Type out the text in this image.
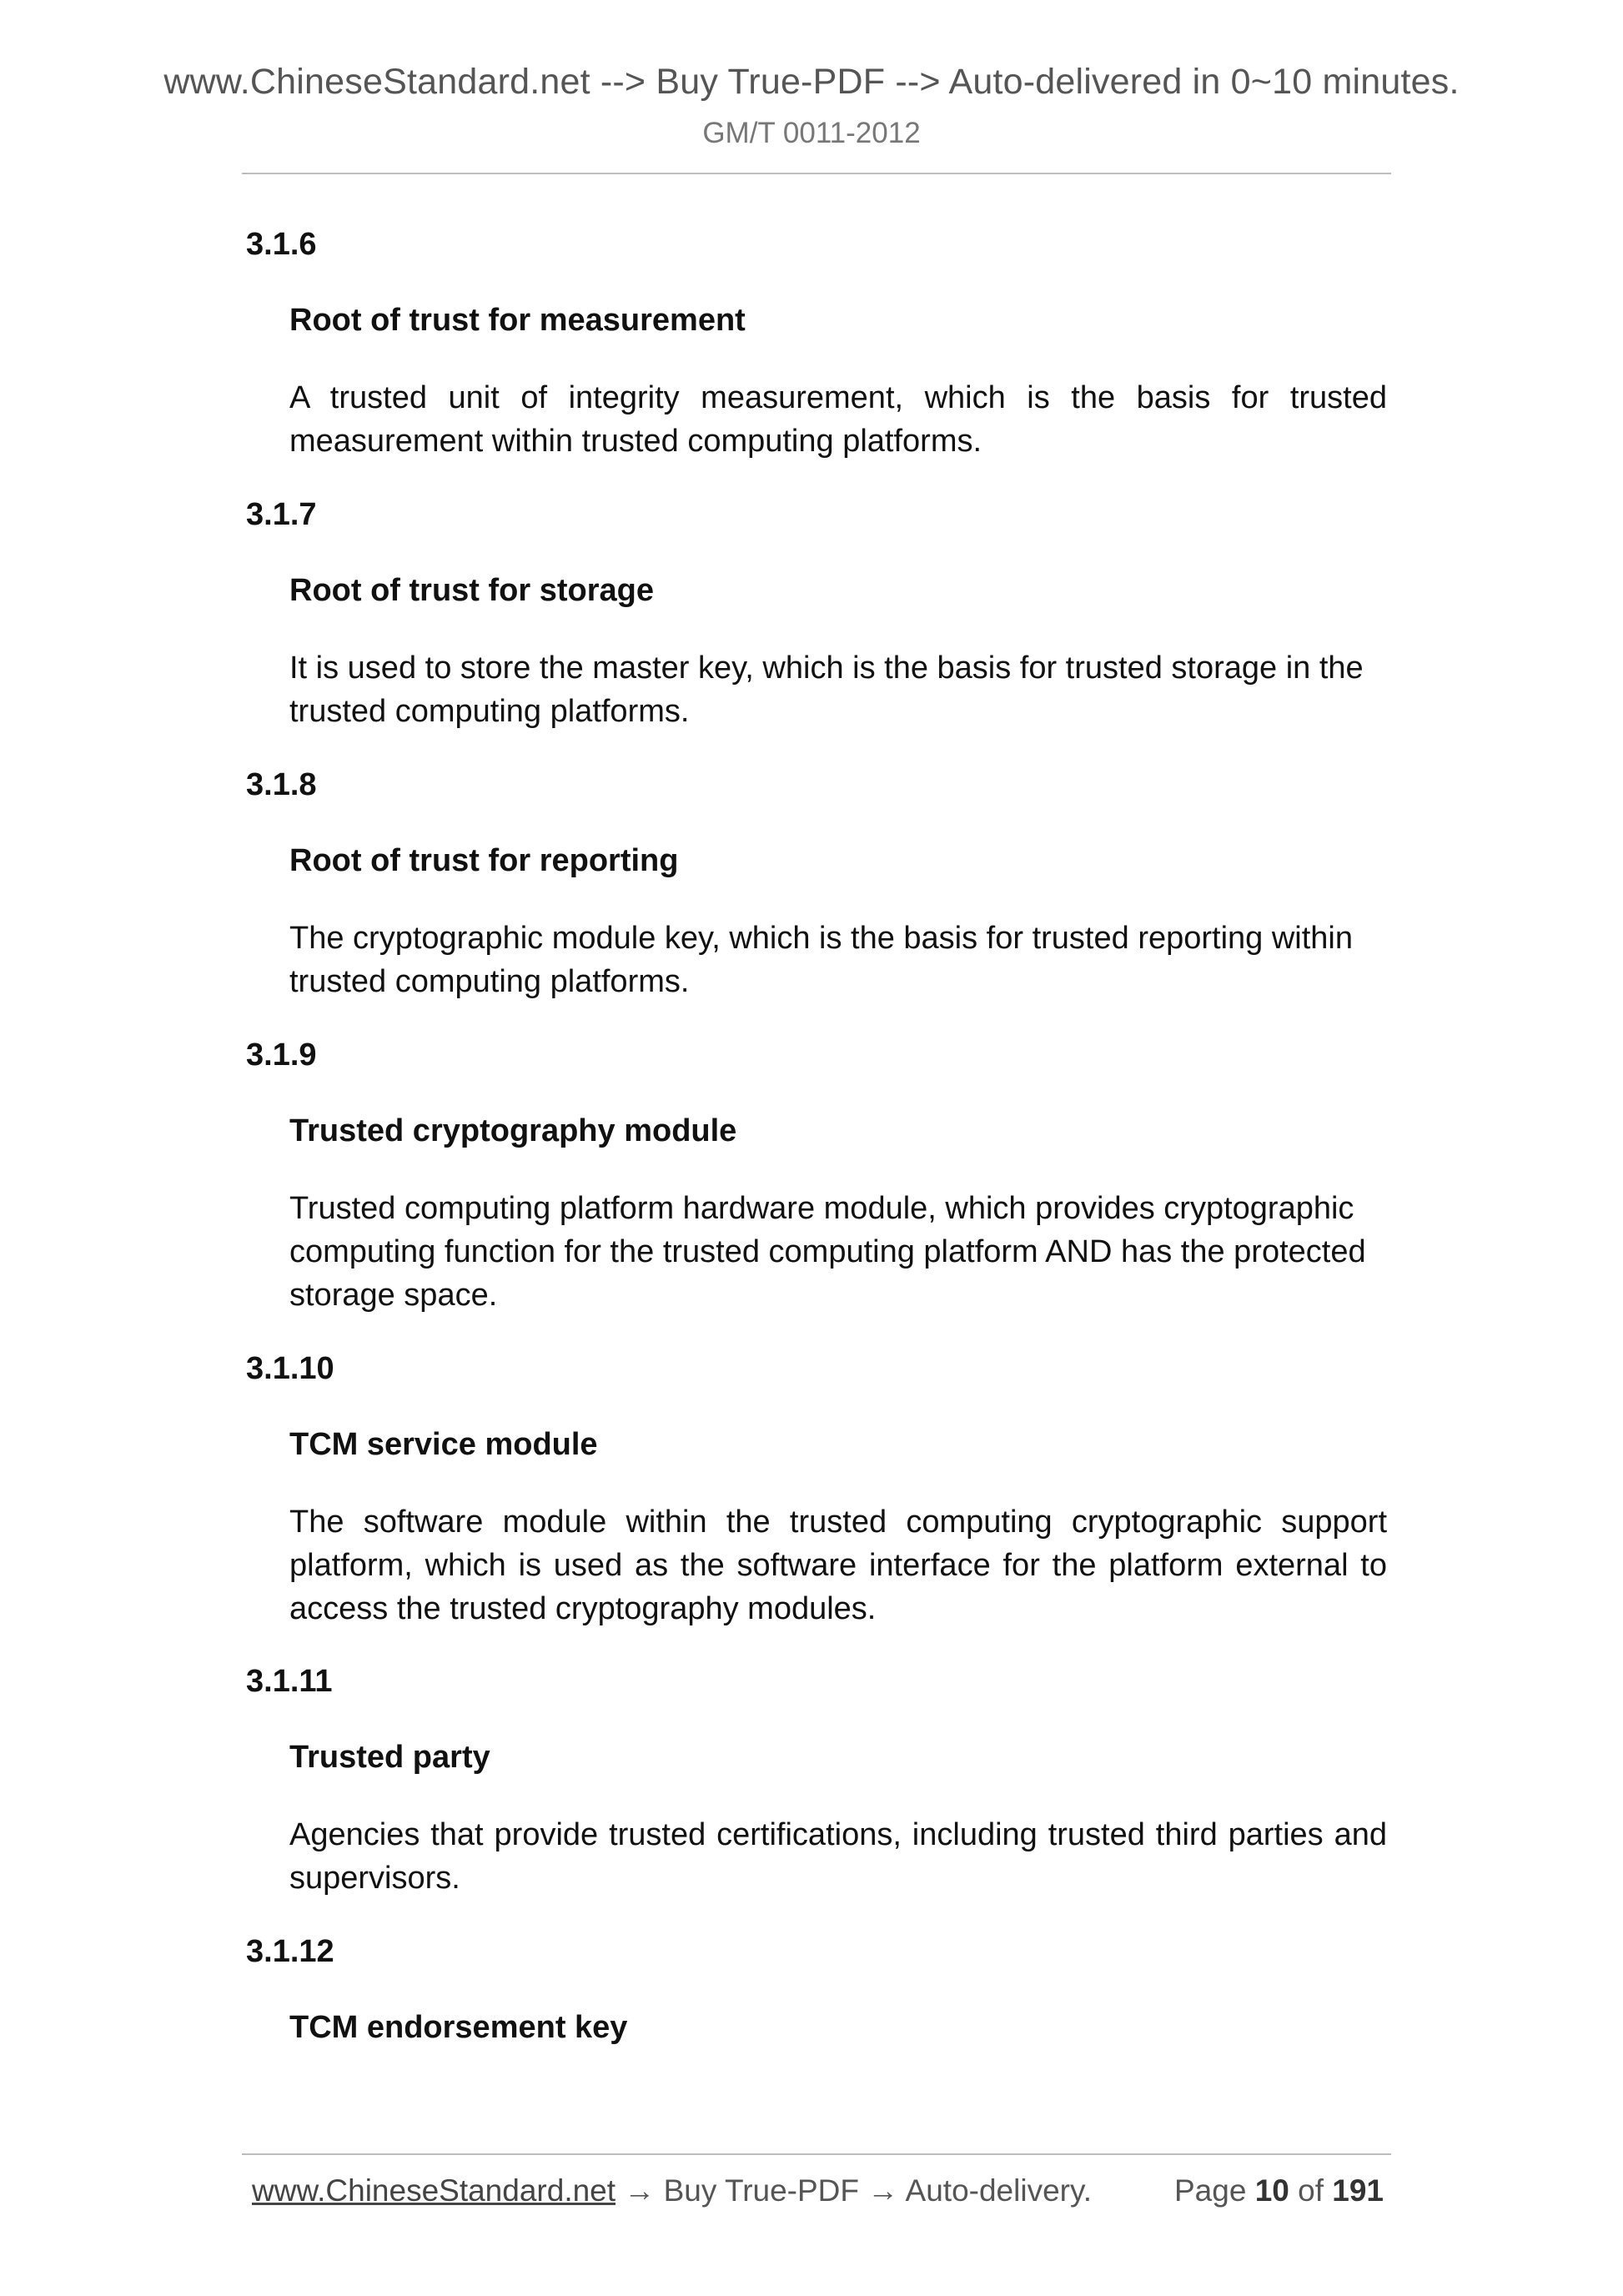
www.ChineseStandard.net --> Buy True-PDF --> Auto-delivered in 0~10 minutes.
GM/T 0011-2012
3.1.6
Root of trust for measurement
A trusted unit of integrity measurement, which is the basis for trusted measurement within trusted computing platforms.
3.1.7
Root of trust for storage
It is used to store the master key, which is the basis for trusted storage in the trusted computing platforms.
3.1.8
Root of trust for reporting
The cryptographic module key, which is the basis for trusted reporting within trusted computing platforms.
3.1.9
Trusted cryptography module
Trusted computing platform hardware module, which provides cryptographic computing function for the trusted computing platform AND has the protected storage space.
3.1.10
TCM service module
The software module within the trusted computing cryptographic support platform, which is used as the software interface for the platform external to access the trusted cryptography modules.
3.1.11
Trusted party
Agencies that provide trusted certifications, including trusted third parties and supervisors.
3.1.12
TCM endorsement key
www.ChineseStandard.net → Buy True-PDF → Auto-delivery.	Page 10 of 191
